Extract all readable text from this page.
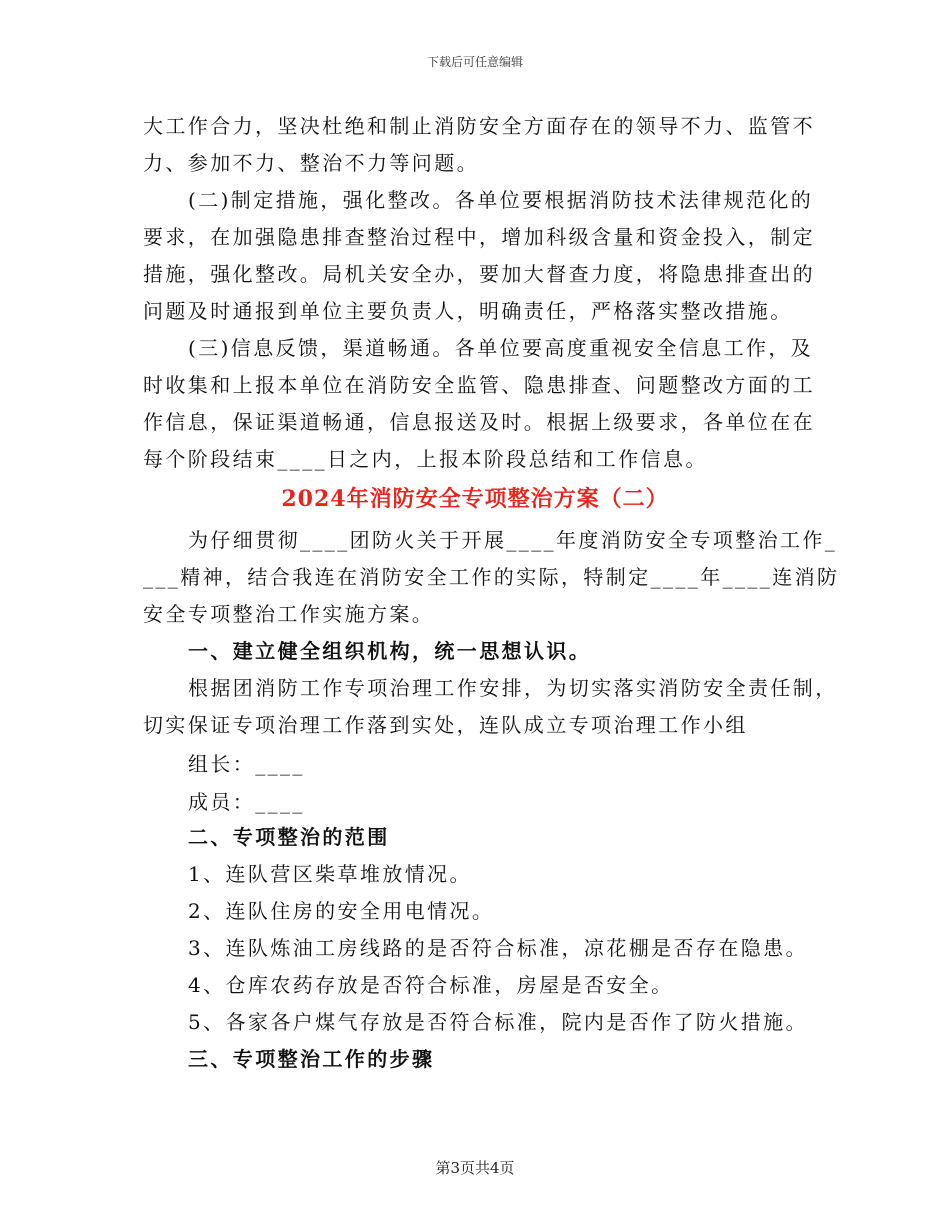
下载后可任意编辑
大工作合力，坚决杜绝和制止消防安全方面存在的领导不力、监管不
力、参加不力、整治不力等问题。
(二)制定措施，强化整改。各单位要根据消防技术法律规范化的
要求，在加强隐患排查整治过程中，增加科级含量和资金投入，制定
措施，强化整改。局机关安全办，要加大督查力度，将隐患排查出的
问题及时通报到单位主要负责人，明确责任，严格落实整改措施。
(三)信息反馈，渠道畅通。各单位要高度重视安全信息工作，及
时收集和上报本单位在消防安全监管、隐患排查、问题整改方面的工
作信息，保证渠道畅通，信息报送及时。根据上级要求，各单位在在
每个阶段结束____日之内，上报本阶段总结和工作信息。
2024年消防安全专项整治方案（二）
为仔细贯彻____团防火关于开展____年度消防安全专项整治工作_
___精神，结合我连在消防安全工作的实际，特制定____年____连消防
安全专项整治工作实施方案。
一、建立健全组织机构，统一思想认识。
根据团消防工作专项治理工作安排，为切实落实消防安全责任制，
切实保证专项治理工作落到实处，连队成立专项治理工作小组
组长：____
成员：____
二、专项整治的范围
1、连队营区柴草堆放情况。
2、连队住房的安全用电情况。
3、连队炼油工房线路的是否符合标准，凉花棚是否存在隐患。
4、仓库农药存放是否符合标准，房屋是否安全。
5、各家各户煤气存放是否符合标准，院内是否作了防火措施。
三、专项整治工作的步骤
第3页共4页
